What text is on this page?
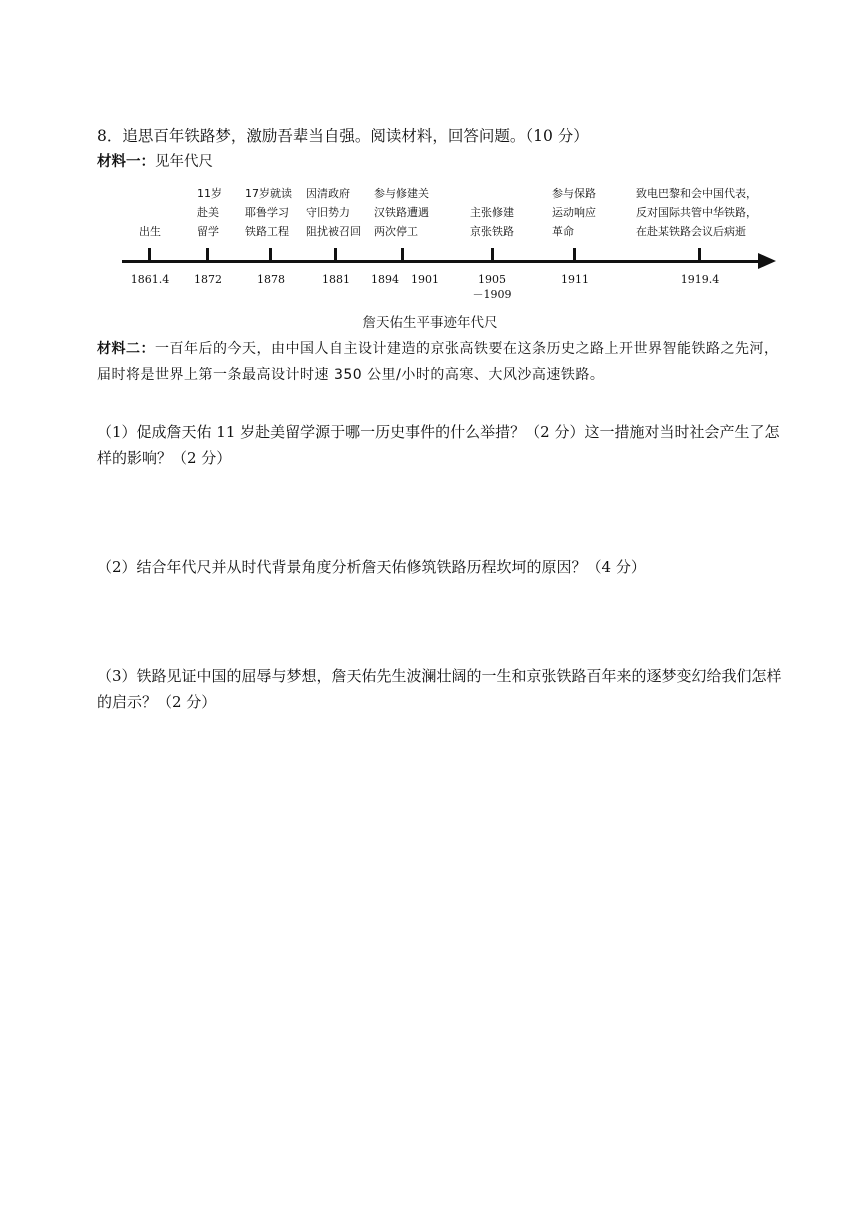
8．追思百年铁路梦，激励吾辈当自强。阅读材料，回答问题。（10 分）
材料一：见年代尺
出生
1861.4
11岁
赴美
留学
1872
17岁就读
耶鲁学习
铁路工程
1878
因清政府
守旧势力
阻扰被召回
1881
参与修建关
汉铁路遭遇
两次停工
1894	1901
主张修建
京张铁路
1905
－1909
参与保路
运动响应
革命
1911
致电巴黎和会中国代表，
反对国际共管中华铁路，
在赴某铁路会议后病逝
1919.4
詹天佑生平事迹年代尺
材料二：一百年后的今天，由中国人自主设计建造的京张高铁要在这条历史之路上开世界智能铁路之先河，届时将是世界上第一条最高设计时速 350 公里/小时的高寒、大风沙高速铁路。
（1）促成詹天佑 11 岁赴美留学源于哪一历史事件的什么举措？（2 分）这一措施对当时社会产生了怎样的影响？（2 分）
（2）结合年代尺并从时代背景角度分析詹天佑修筑铁路历程坎坷的原因？（4 分）
（3）铁路见证中国的屈辱与梦想，詹天佑先生波澜壮阔的一生和京张铁路百年来的逐梦变幻给我们怎样的启示？（2 分）
